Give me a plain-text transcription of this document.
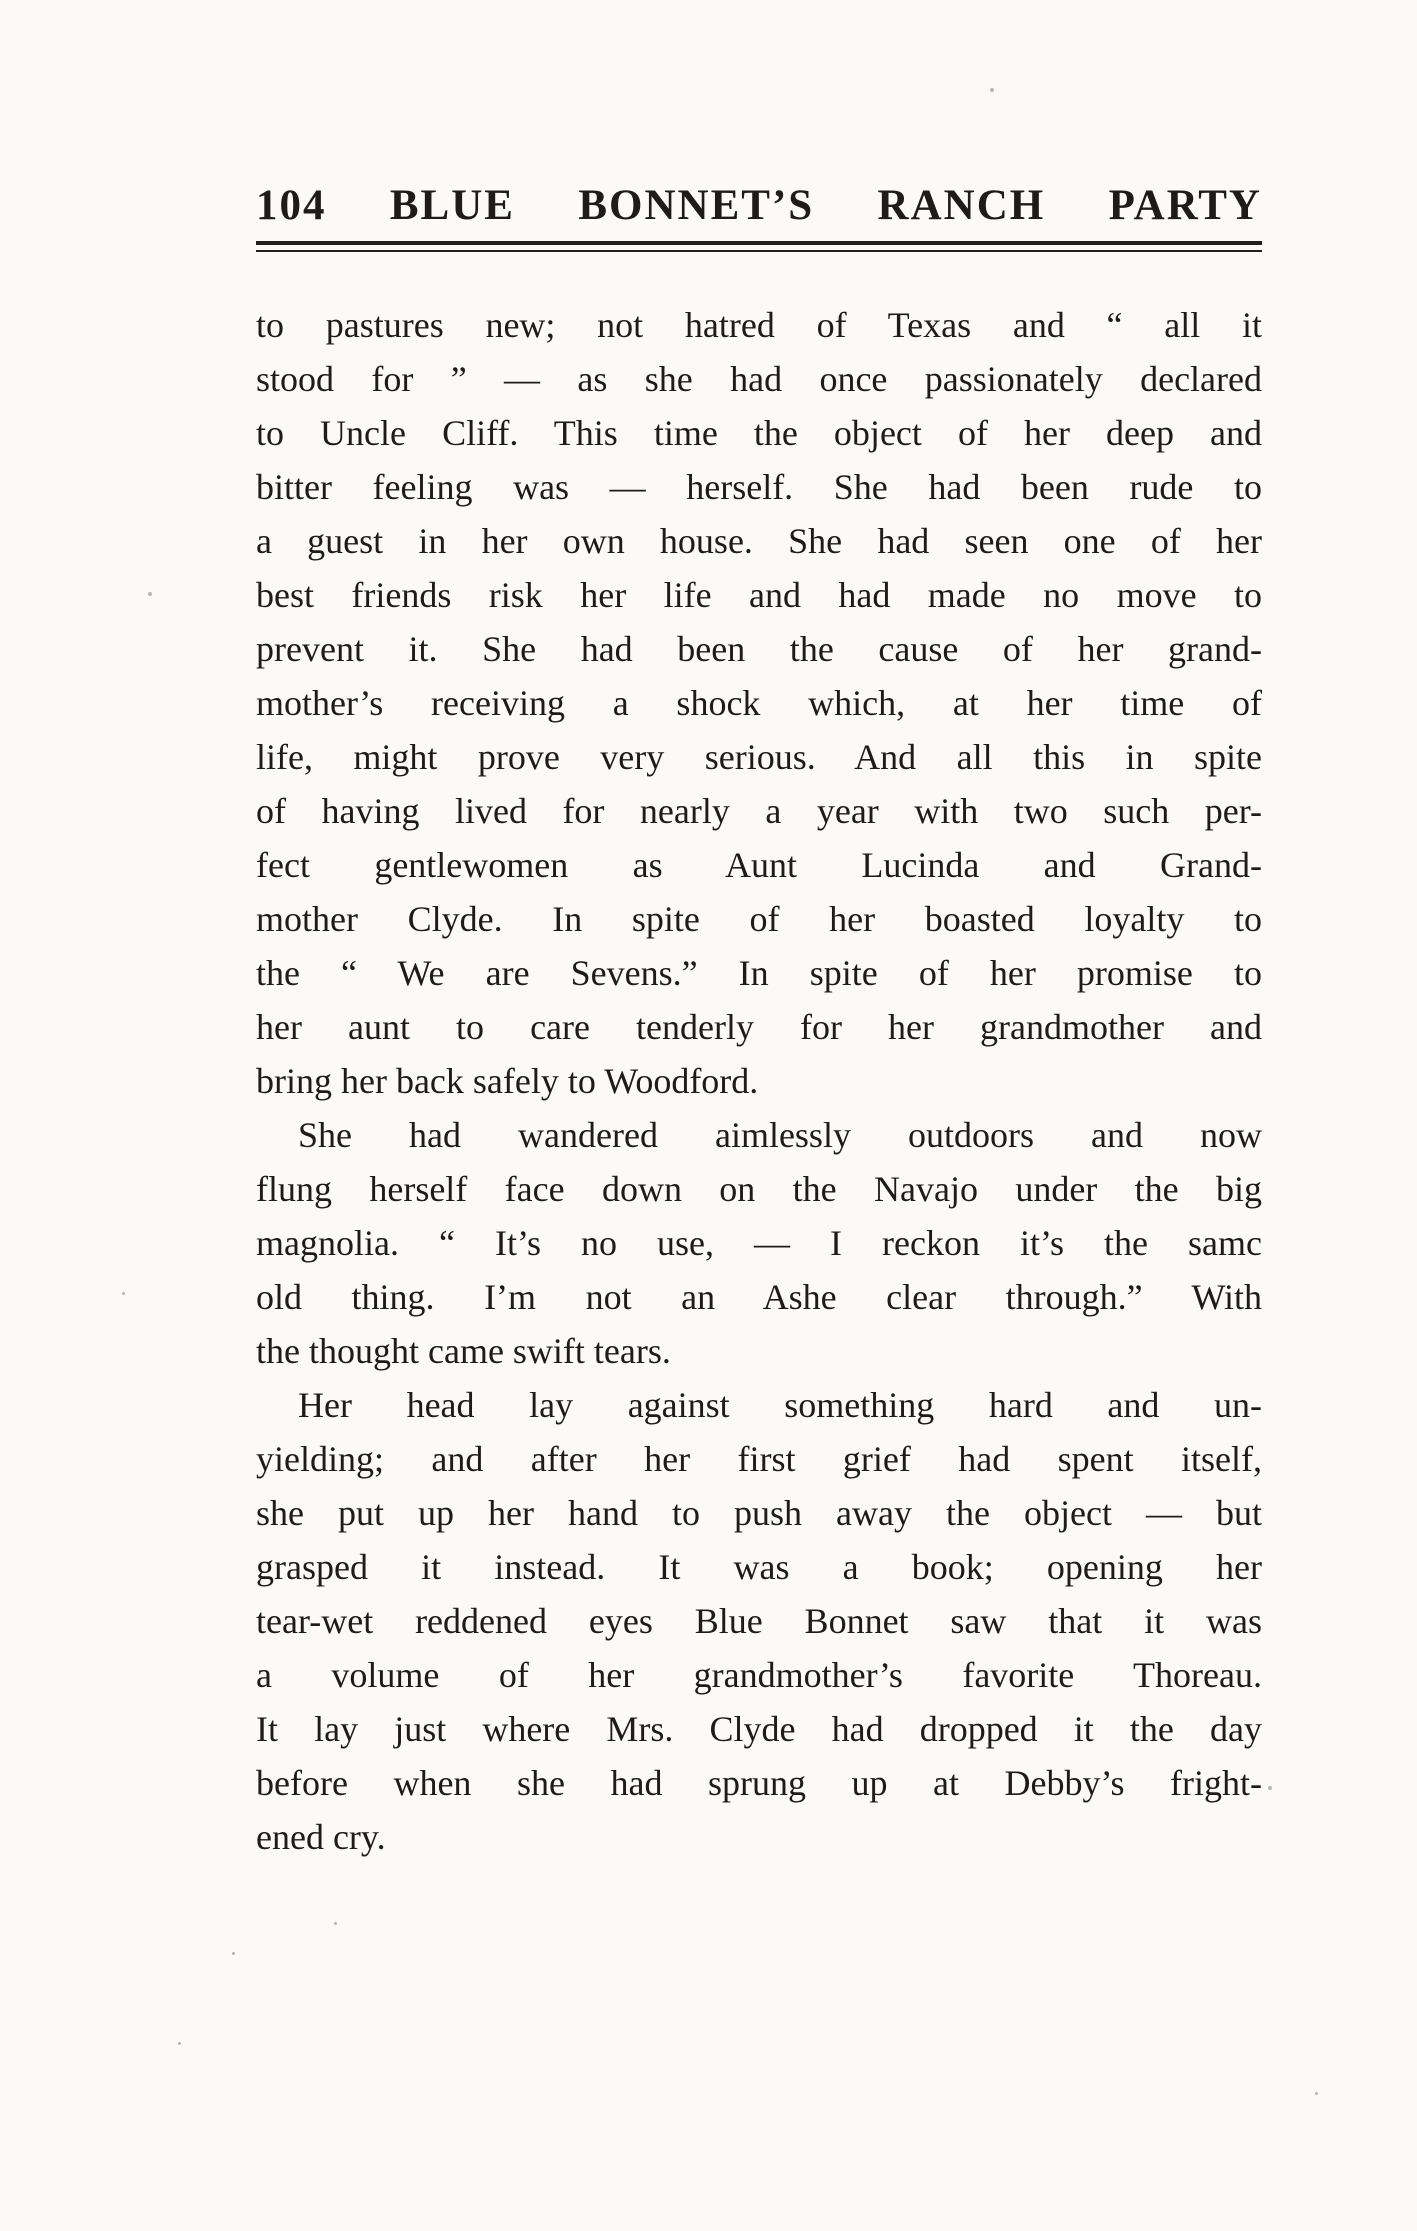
104 BLUE BONNET’S RANCH PARTY
to pastures new; not hatred of Texas and “ all it
stood for ” — as she had once passionately declared
to Uncle Cliff. This time the object of her deep and
bitter feeling was — herself. She had been rude to
a guest in her own house. She had seen one of her
best friends risk her life and had made no move to
prevent it. She had been the cause of her grand-
mother’s receiving a shock which, at her time of
life, might prove very serious. And all this in spite
of having lived for nearly a year with two such per-
fect gentlewomen as Aunt Lucinda and Grand-
mother Clyde. In spite of her boasted loyalty to
the “ We are Sevens.” In spite of her promise to
her aunt to care tenderly for her grandmother and
bring her back safely to Woodford.
She had wandered aimlessly outdoors and now
flung herself face down on the Navajo under the big
magnolia. “ It’s no use, — I reckon it’s the samc
old thing. I’m not an Ashe clear through.” With
the thought came swift tears.
Her head lay against something hard and un-
yielding; and after her first grief had spent itself,
she put up her hand to push away the object — but
grasped it instead. It was a book; opening her
tear-wet reddened eyes Blue Bonnet saw that it was
a volume of her grandmother’s favorite Thoreau.
It lay just where Mrs. Clyde had dropped it the day
before when she had sprung up at Debby’s fright-
ened cry.
